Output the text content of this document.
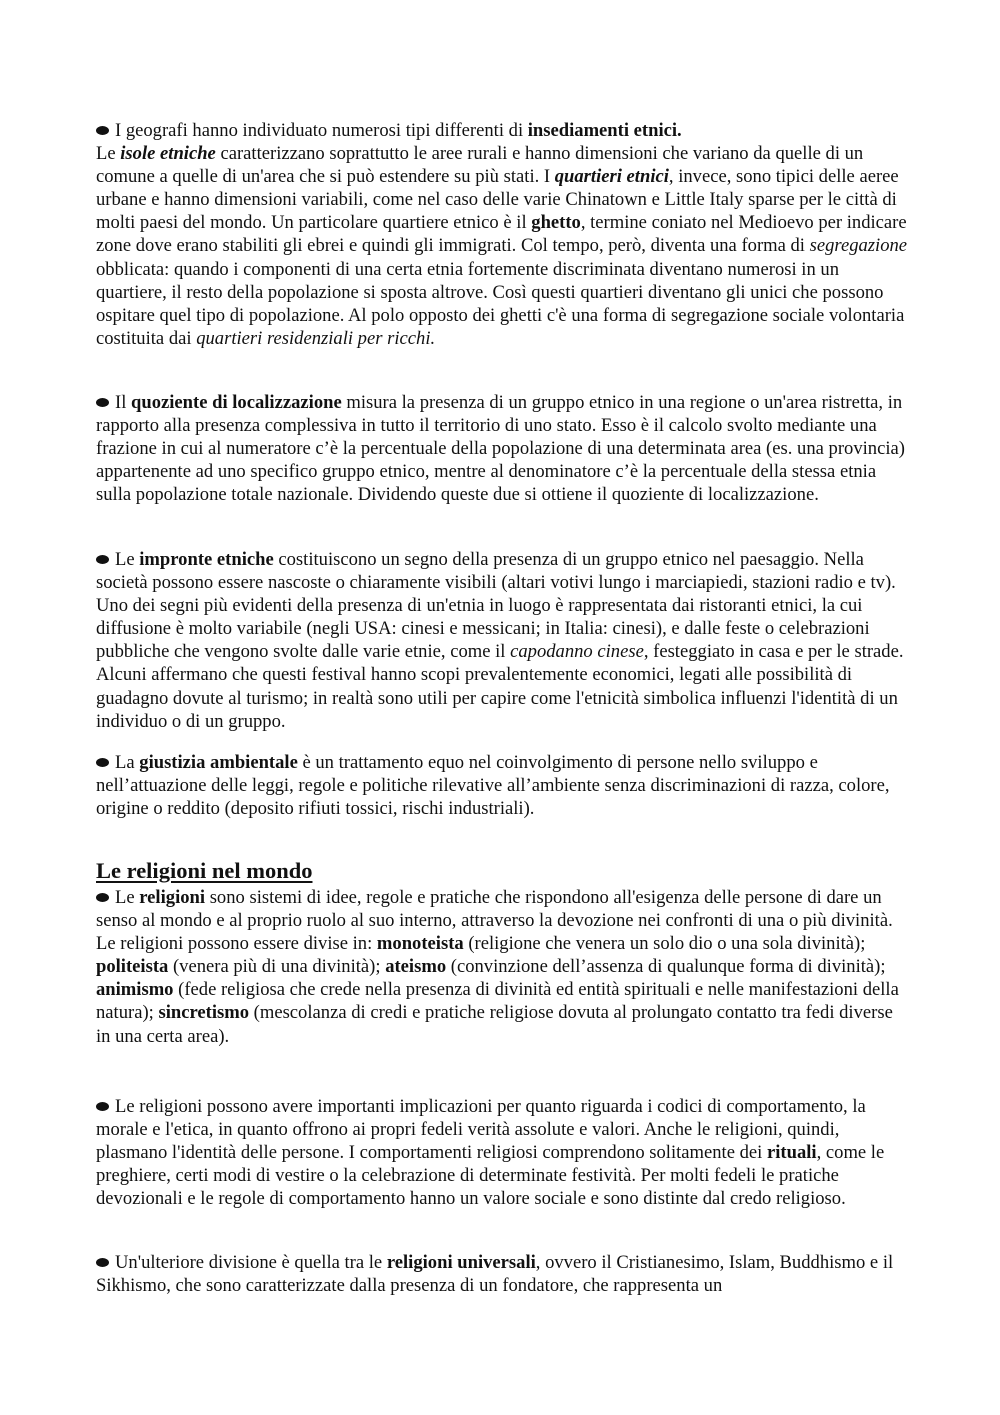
I geografi hanno individuato numerosi tipi differenti di insediamenti etnici.
Le isole etniche caratterizzano soprattutto le aree rurali e hanno dimensioni che variano da quelle di un comune a quelle di un'area che si può estendere su più stati. I quartieri etnici, invece, sono tipici delle aeree urbane e hanno dimensioni variabili, come nel caso delle varie Chinatown e Little Italy sparse per le città di molti paesi del mondo. Un particolare quartiere etnico è il ghetto, termine coniato nel Medioevo per indicare zone dove erano stabiliti gli ebrei e quindi gli immigrati. Col tempo, però, diventa una forma di segregazione obblicata: quando i componenti di una certa etnia fortemente discriminata diventano numerosi in un quartiere, il resto della popolazione si sposta altrove. Così questi quartieri diventano gli unici che possono ospitare quel tipo di popolazione. Al polo opposto dei ghetti c'è una forma di segregazione sociale volontaria costituita dai quartieri residenziali per ricchi.

Il quoziente di localizzazione misura la presenza di un gruppo etnico in una regione o un'area ristretta, in rapporto alla presenza complessiva in tutto il territorio di uno stato. Esso è il calcolo svolto mediante una frazione in cui al numeratore c’è la percentuale della popolazione di una determinata area (es. una provincia) appartenente ad uno specifico gruppo etnico, mentre al denominatore c’è la percentuale della stessa etnia sulla popolazione totale nazionale. Dividendo queste due si ottiene il quoziente di localizzazione.

Le impronte etniche costituiscono un segno della presenza di un gruppo etnico nel paesaggio. Nella società possono essere nascoste o chiaramente visibili (altari votivi lungo i marciapiedi, stazioni radio e tv). Uno dei segni più evidenti della presenza di un'etnia in luogo è rappresentata dai ristoranti etnici, la cui diffusione è molto variabile (negli USA: cinesi e messicani; in Italia: cinesi), e dalle feste o celebrazioni pubbliche che vengono svolte dalle varie etnie, come il capodanno cinese, festeggiato in casa e per le strade. Alcuni affermano che questi festival hanno scopi prevalentemente economici, legati alle possibilità di guadagno dovute al turismo; in realtà sono utili per capire come l'etnicità simbolica influenzi l'identità di un individuo o di un gruppo.

La giustizia ambientale è un trattamento equo nel coinvolgimento di persone nello sviluppo e nell’attuazione delle leggi, regole e politiche rilevative all’ambiente senza discriminazioni di razza, colore, origine o reddito (deposito rifiuti tossici, rischi industriali).

Le religioni nel mondo

Le religioni sono sistemi di idee, regole e pratiche che rispondono all'esigenza delle persone di dare un senso al mondo e al proprio ruolo al suo interno, attraverso la devozione nei confronti di una o più divinità.
Le religioni possono essere divise in: monoteista (religione che venera un solo dio o una sola divinità); politeista (venera più di una divinità); ateismo (convinzione dell’assenza di qualunque forma di divinità); animismo (fede religiosa che crede nella presenza di divinità ed entità spirituali e nelle manifestazioni della natura); sincretismo (mescolanza di credi e pratiche religiose dovuta al prolungato contatto tra fedi diverse in una certa area).

Le religioni possono avere importanti implicazioni per quanto riguarda i codici di comportamento, la morale e l'etica, in quanto offrono ai propri fedeli verità assolute e valori. Anche le religioni, quindi, plasmano l'identità delle persone. I comportamenti religiosi comprendono solitamente dei rituali, come le preghiere, certi modi di vestire o la celebrazione di determinate festività. Per molti fedeli le pratiche devozionali e le regole di comportamento hanno un valore sociale e sono distinte dal credo religioso.

Un'ulteriore divisione è quella tra le religioni universali, ovvero il Cristianesimo, Islam, Buddhismo e il Sikhismo, che sono caratterizzate dalla presenza di un fondatore, che rappresenta un
